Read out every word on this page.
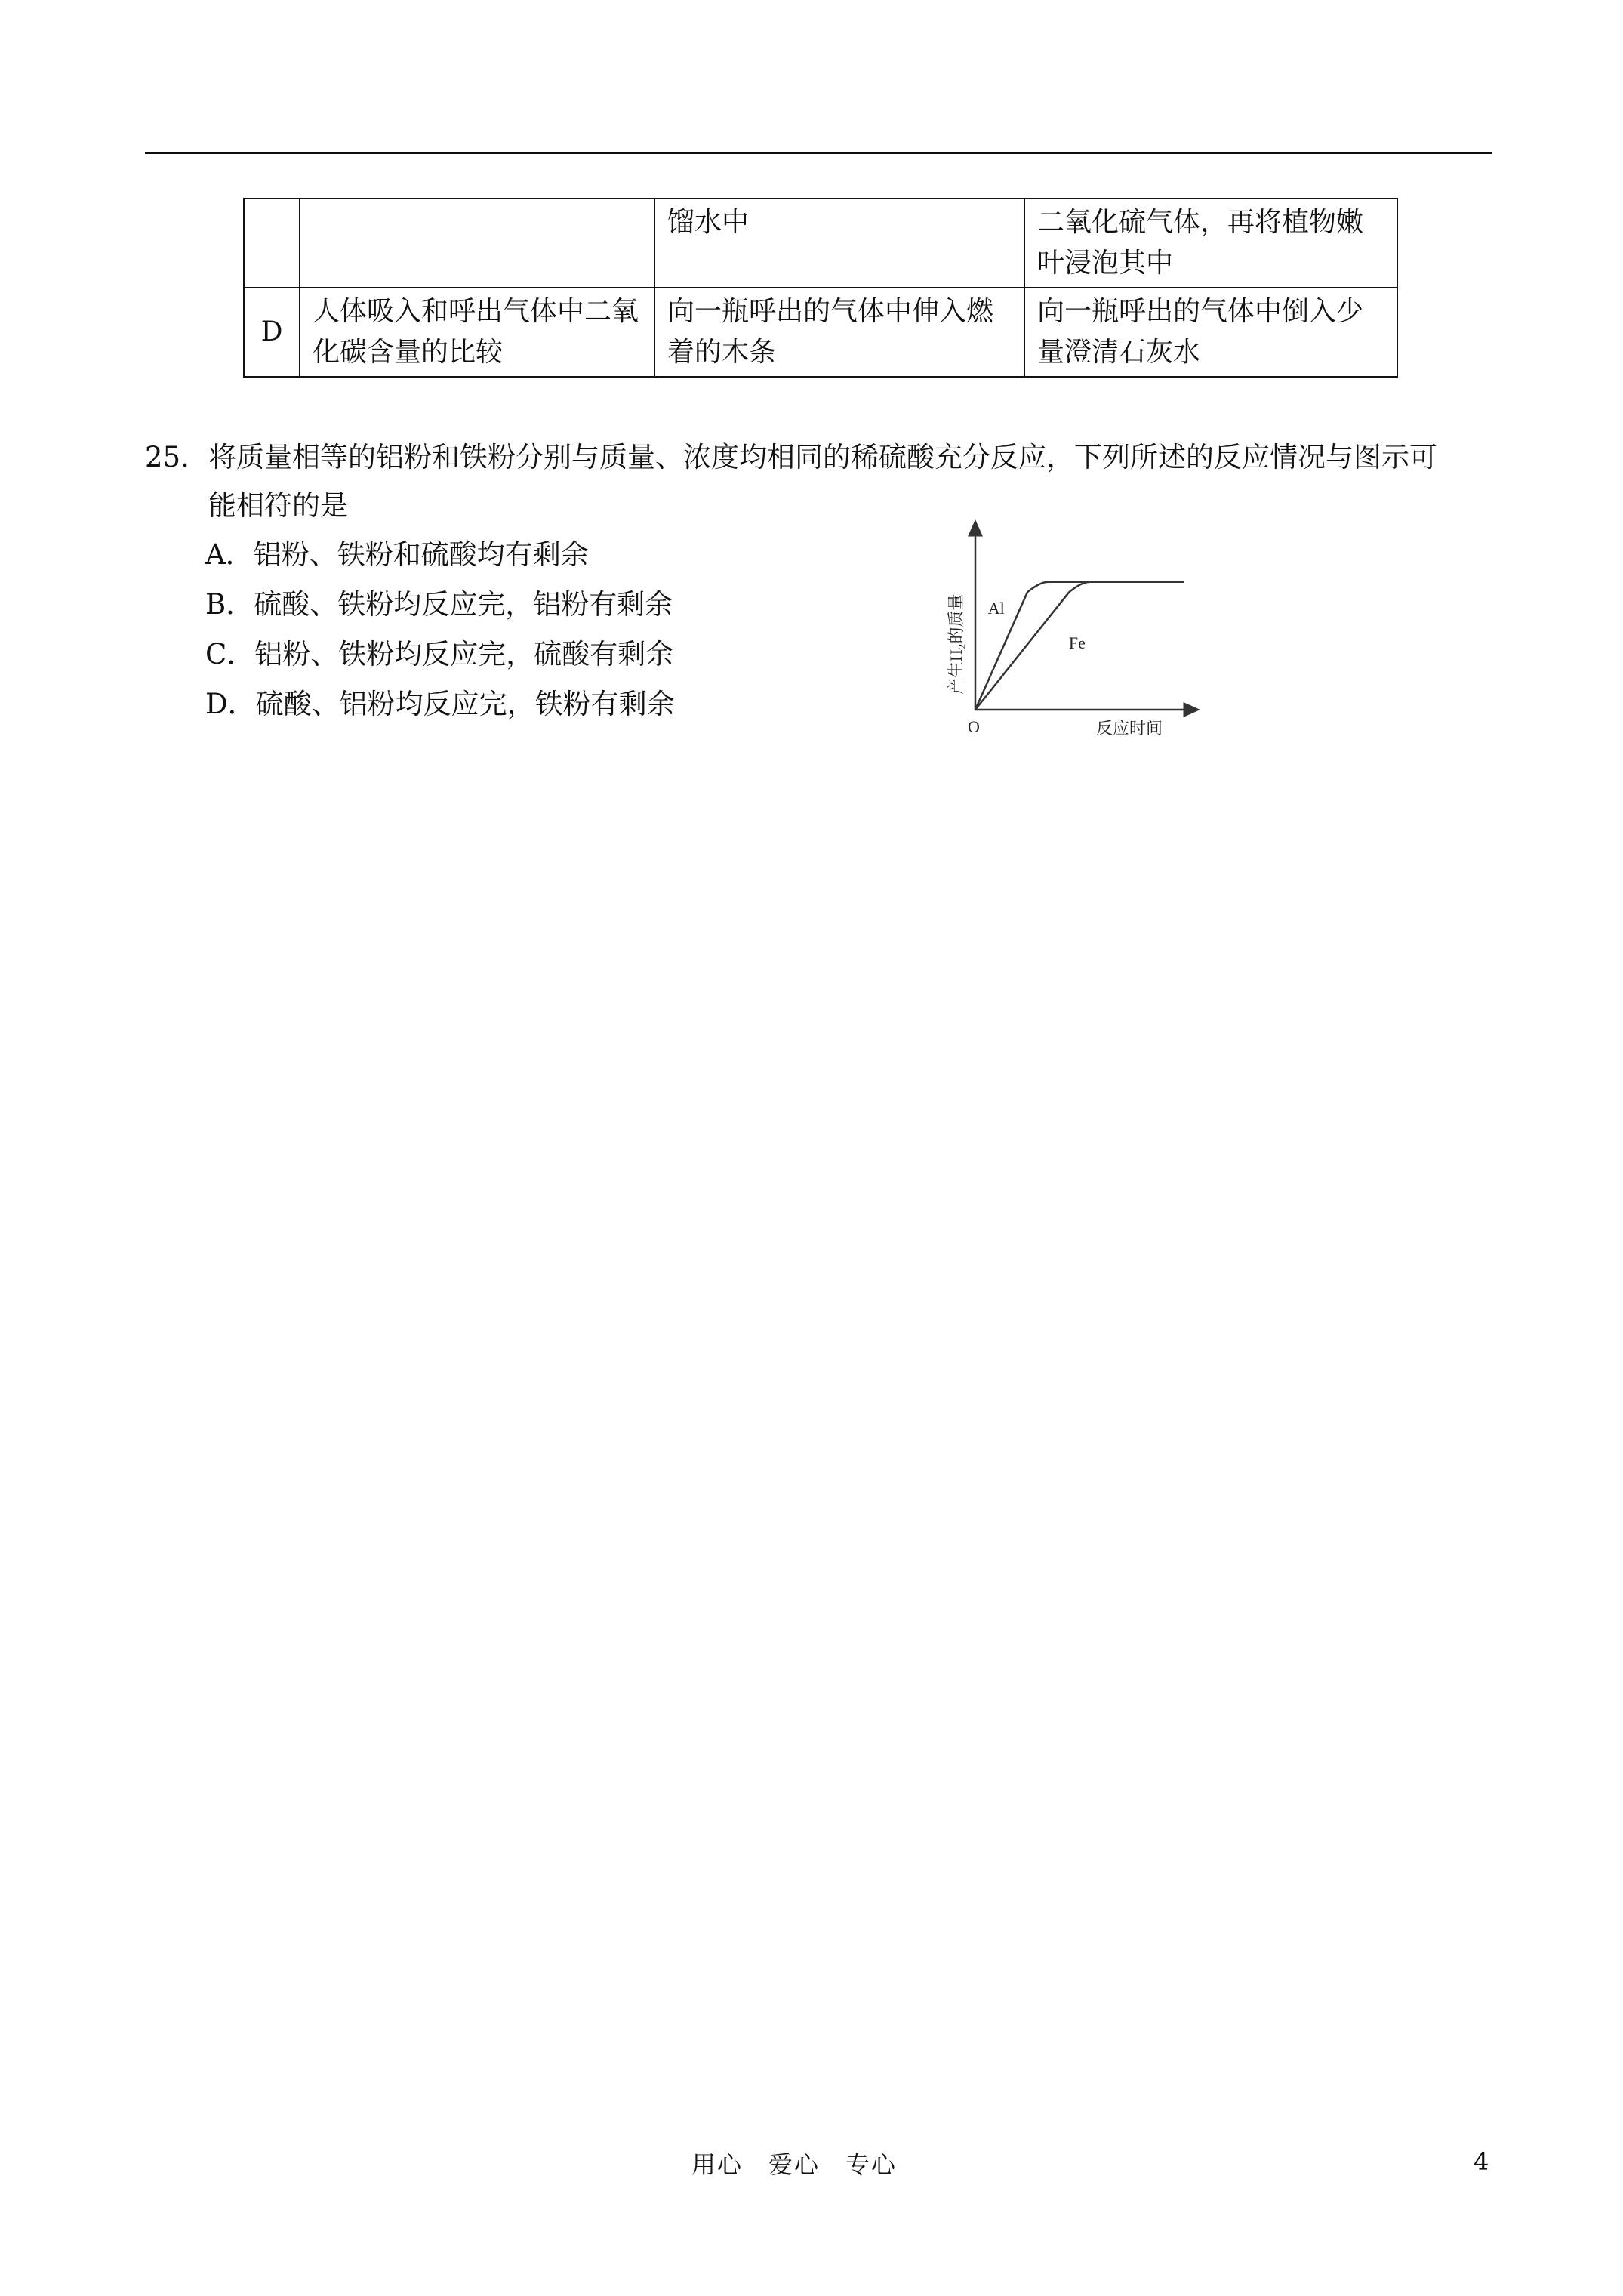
		馏水中	二氧化硫气体，再将植物嫩叶浸泡其中
D	人体吸入和呼出气体中二氧化碳含量的比较	向一瓶呼出的气体中伸入燃着的木条	向一瓶呼出的气体中倒入少量澄清石灰水
25. 将质量相等的铝粉和铁粉分别与质量、浓度均相同的稀硫酸充分反应，下列所述的反应情况与图示可
能相符的是
A．铝粉、铁粉和硫酸均有剩余
B．硫酸、铁粉均反应完，铝粉有剩余
C．铝粉、铁粉均反应完，硫酸有剩余
D．硫酸、铝粉均反应完，铁粉有剩余
O	反应时间
产生H₂的质量 Al
Fe
用心　爱心　专心	4
